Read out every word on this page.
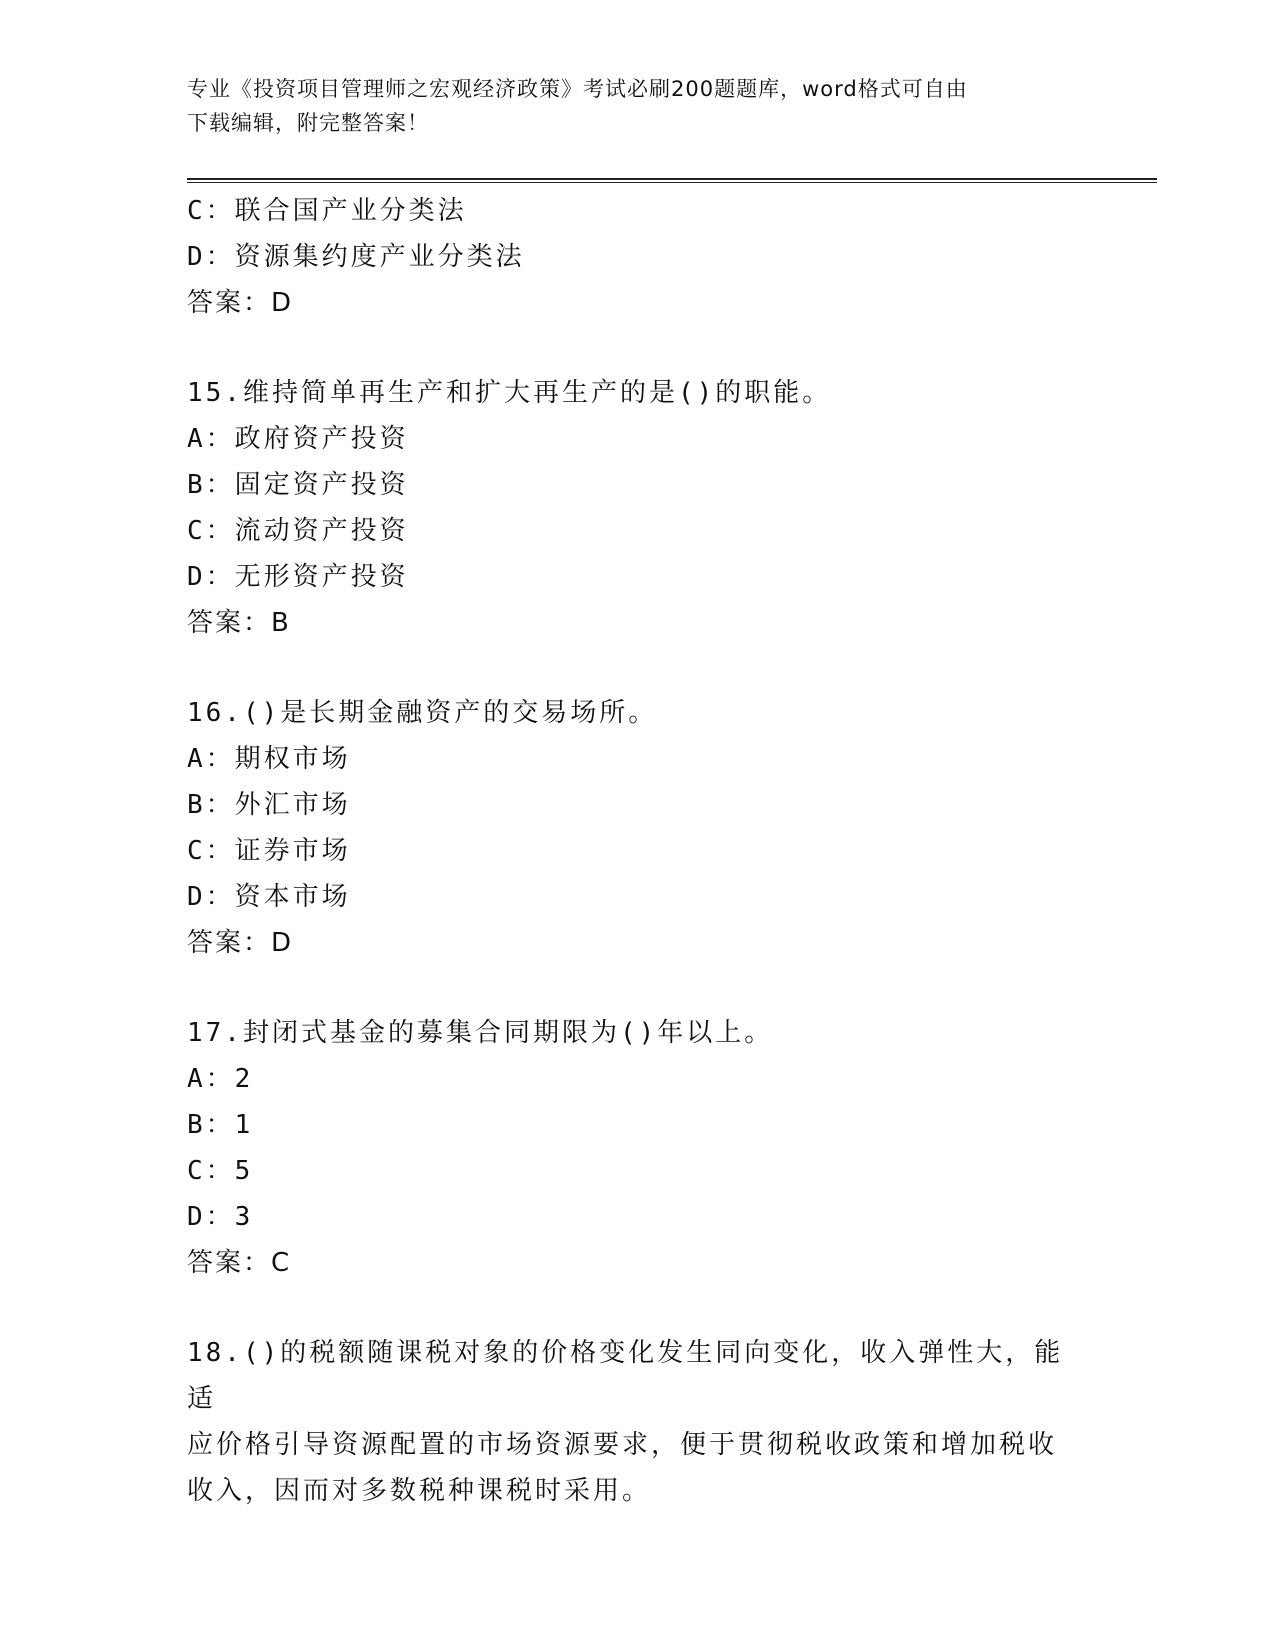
专业《投资项目管理师之宏观经济政策》考试必刷200题题库，word格式可自由
下载编辑，附完整答案！
C：联合国产业分类法
D：资源集约度产业分类法
答案：D
15.维持简单再生产和扩大再生产的是()的职能。
A：政府资产投资
B：固定资产投资
C：流动资产投资
D：无形资产投资
答案：B
16.()是长期金融资产的交易场所。
A：期权市场
B：外汇市场
C：证券市场
D：资本市场
答案：D
17.封闭式基金的募集合同期限为()年以上。
A：2
B：1
C：5
D：3
答案：C
18.()的税额随课税对象的价格变化发生同向变化，收入弹性大，能适
应价格引导资源配置的市场资源要求，便于贯彻税收政策和增加税收
收入，因而对多数税种课税时采用。
